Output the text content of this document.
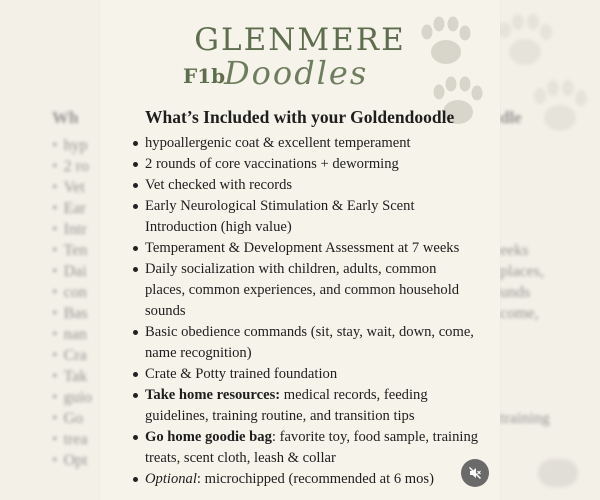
Wh
• hyp
• 2 ro
• Vet
• Ear
• Intr
• Ten
• Dai
• con
• Bas
• nan
• Cra
• Tak
• guio
• Go
• trea
• Opt
dle

eeks
places,
unds
come,

training

GLENMERE
F1b
Doodles
What’s Included with your Goldendoodle
hypoallergenic coat & excellent temperament
2 rounds of core vaccinations + deworming
Vet checked with records
Early Neurological Stimulation & Early Scent Introduction (high value)
Temperament & Development Assessment at 7 weeks
Daily socialization with children, adults, common places, common experiences, and common household sounds
Basic obedience commands (sit, stay, wait, down, come, name recognition)
Crate & Potty trained foundation
Take home resources: medical records, feeding guidelines, training routine, and transition tips
Go home goodie bag: favorite toy, food sample, training treats, scent cloth, leash & collar
Optional: microchipped (recommended at 6 mos)
